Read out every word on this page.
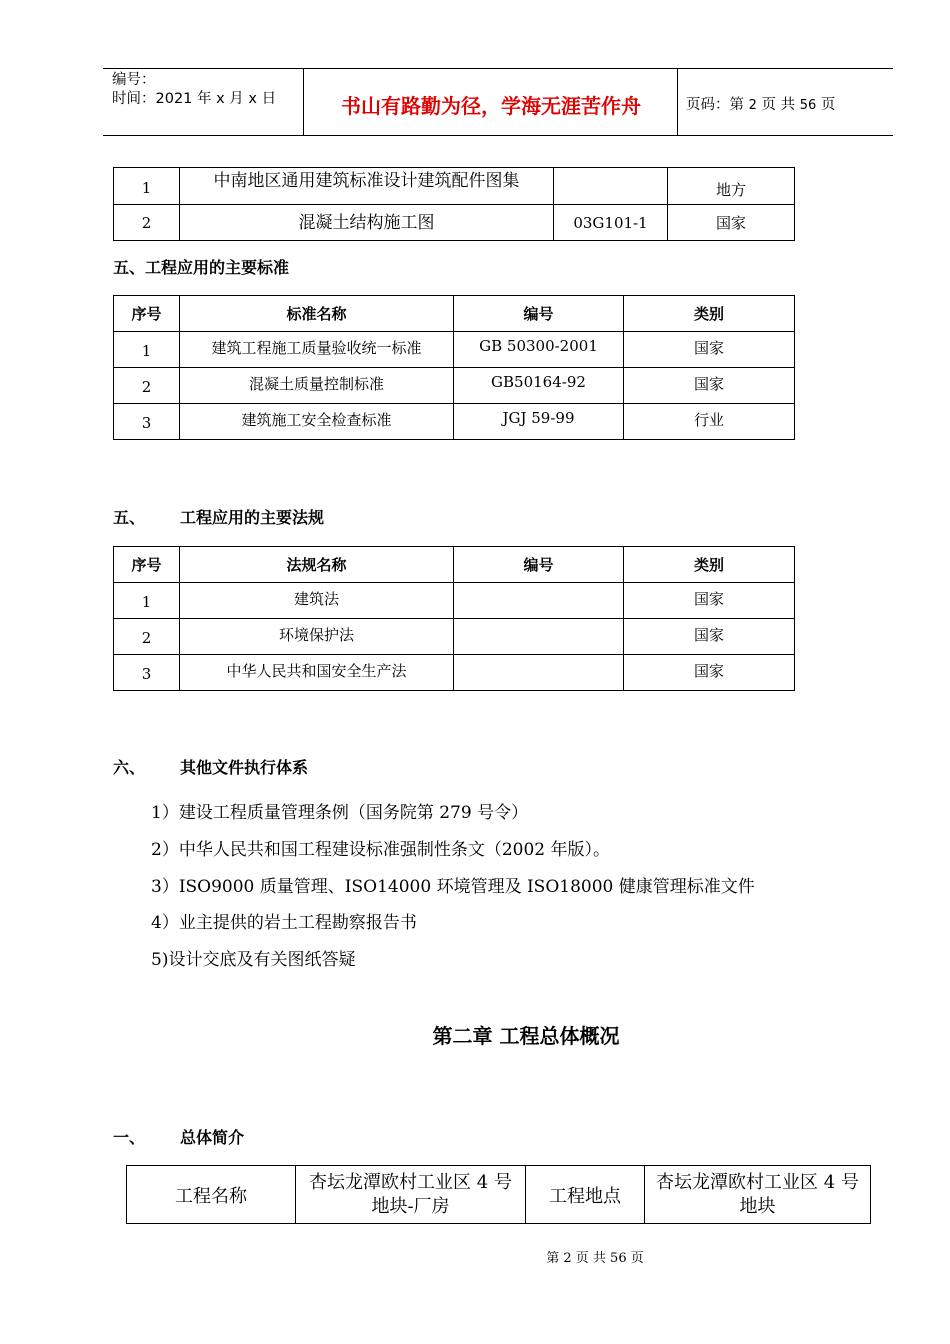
编号：
时间：2021 年 x 月 x 日	书山有路勤为径，学海无涯苦作舟	页码：第 2 页 共 56 页
1	中南地区通用建筑标准设计建筑配件图集		地方
2	混凝土结构施工图	03G101-1	国家
五、工程应用的主要标准
序号	标准名称	编号	类别
1	建筑工程施工质量验收统一标准	GB 50300-2001	国家
2	混凝土质量控制标准	GB50164-92	国家
3	建筑施工安全检查标准	JGJ 59-99	行业
五、 工程应用的主要法规
序号	法规名称	编号	类别
1	建筑法		国家
2	环境保护法		国家
3	中华人民共和国安全生产法		国家
六、 其他文件执行体系
1）建设工程质量管理条例（国务院第 279 号令）
2）中华人民共和国工程建设标准强制性条文（2002 年版）。
3）ISO9000 质量管理、ISO14000 环境管理及 ISO18000 健康管理标准文件
4）业主提供的岩土工程勘察报告书
5)设计交底及有关图纸答疑
第二章 工程总体概况
一、 总体简介
工程名称	杏坛龙潭欧村工业区 4 号地块-厂房	工程地点	杏坛龙潭欧村工业区 4 号地块
第 2 页 共 56 页
